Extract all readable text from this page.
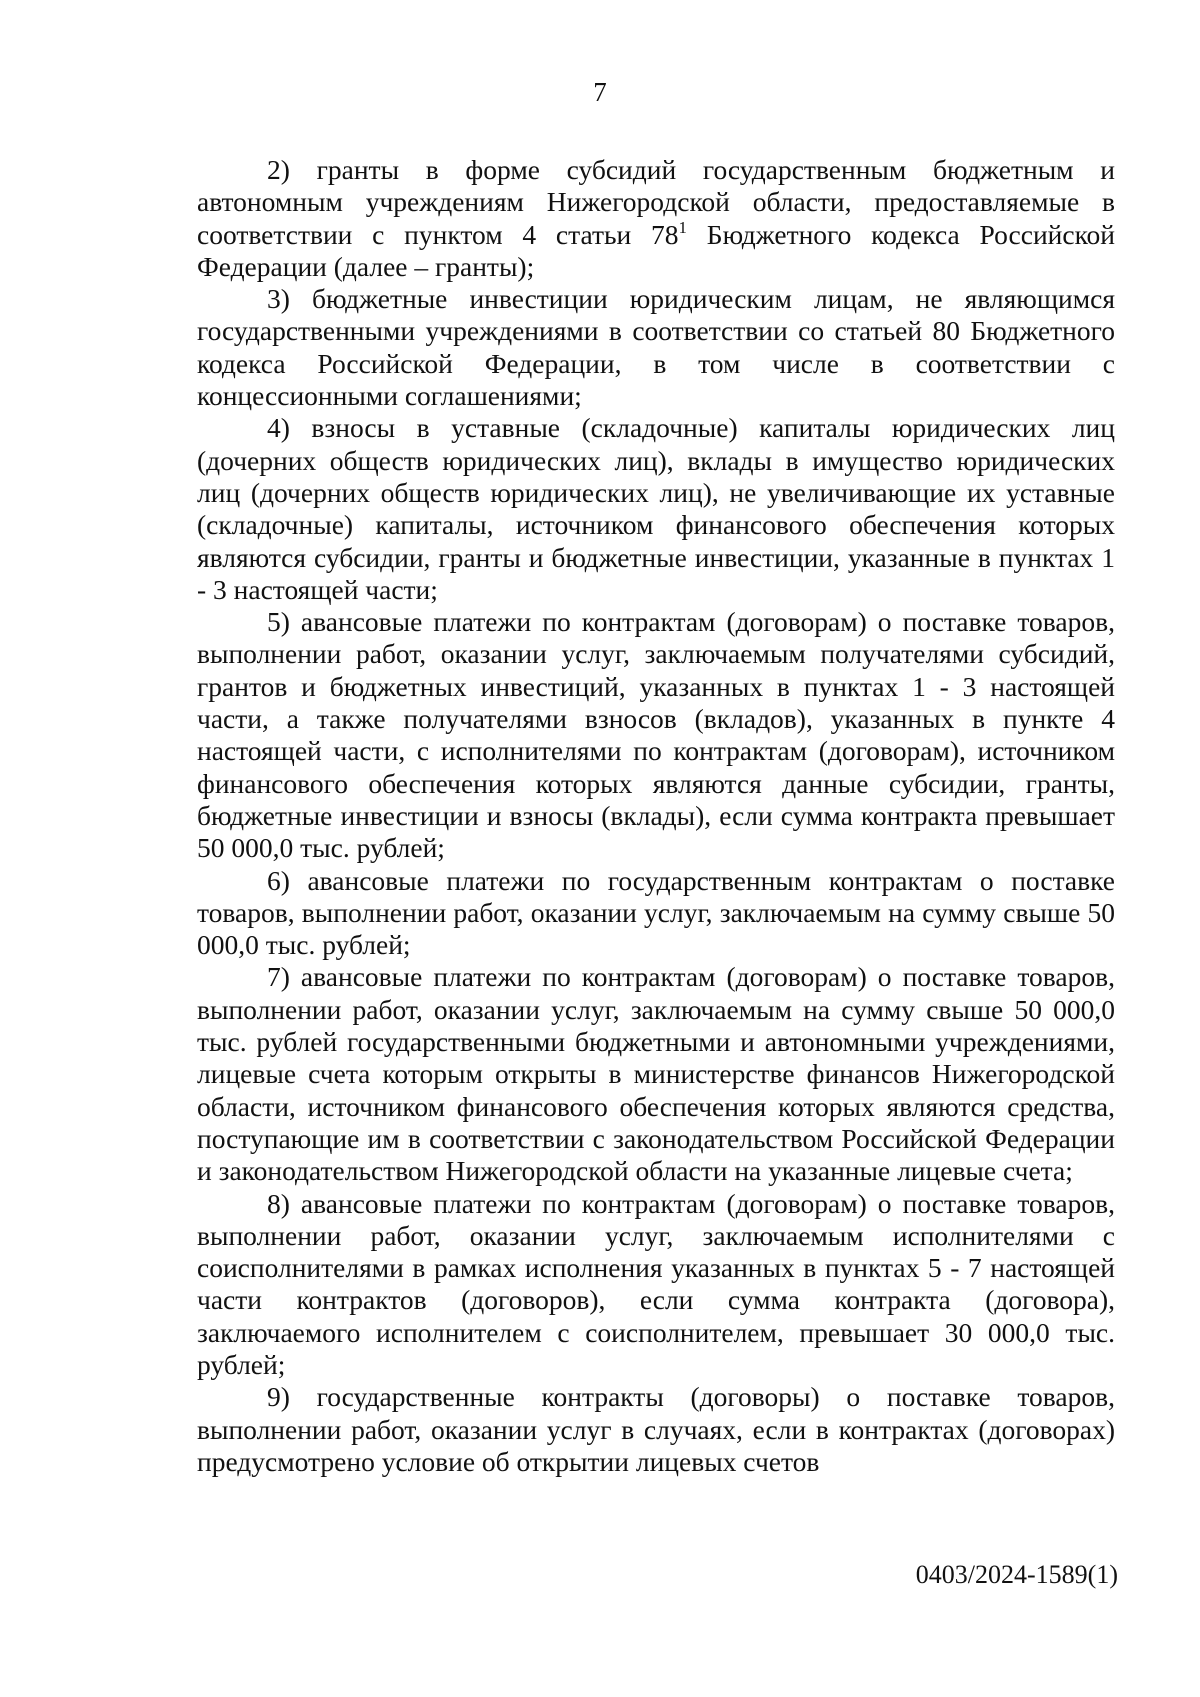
7

2) гранты в форме субсидий государственным бюджетным и автономным учреждениям Нижегородской области, предоставляемые в соответствии с пунктом 4 статьи $78^1$ Бюджетного кодекса Российской Федерации (далее – гранты);

3) бюджетные инвестиции юридическим лицам, не являющимся государственными учреждениями в соответствии со статьей 80 Бюджетного кодекса Российской Федерации, в том числе в соответствии с концессионными соглашениями;

4) взносы в уставные (складочные) капиталы юридических лиц (дочерних обществ юридических лиц), вклады в имущество юридических лиц (дочерних обществ юридических лиц), не увеличивающие их уставные (складочные) капиталы, источником финансового обеспечения которых являются субсидии, гранты и бюджетные инвестиции, указанные в пунктах 1 - 3 настоящей части;

5) авансовые платежи по контрактам (договорам) о поставке товаров, выполнении работ, оказании услуг, заключаемым получателями субсидий, грантов и бюджетных инвестиций, указанных в пунктах 1 - 3 настоящей части, а также получателями взносов (вкладов), указанных в пункте 4 настоящей части, с исполнителями по контрактам (договорам), источником финансового обеспечения которых являются данные субсидии, гранты, бюджетные инвестиции и взносы (вклады), если сумма контракта превышает 50 000,0 тыс. рублей;

6) авансовые платежи по государственным контрактам о поставке товаров, выполнении работ, оказании услуг, заключаемым на сумму свыше 50 000,0 тыс. рублей;

7) авансовые платежи по контрактам (договорам) о поставке товаров, выполнении работ, оказании услуг, заключаемым на сумму свыше 50 000,0 тыс. рублей государственными бюджетными и автономными учреждениями, лицевые счета которым открыты в министерстве финансов Нижегородской области, источником финансового обеспечения которых являются средства, поступающие им в соответствии с законодательством Российской Федерации и законодательством Нижегородской области на указанные лицевые счета;

8) авансовые платежи по контрактам (договорам) о поставке товаров, выполнении работ, оказании услуг, заключаемым исполнителями с соисполнителями в рамках исполнения указанных в пунктах 5 - 7 настоящей части контрактов (договоров), если сумма контракта (договора), заключаемого исполнителем с соисполнителем, превышает 30 000,0 тыс. рублей;

9) государственные контракты (договоры) о поставке товаров, выполнении работ, оказании услуг в случаях, если в контрактах (договорах) предусмотрено условие об открытии лицевых счетов

0403/2024-1589(1)
